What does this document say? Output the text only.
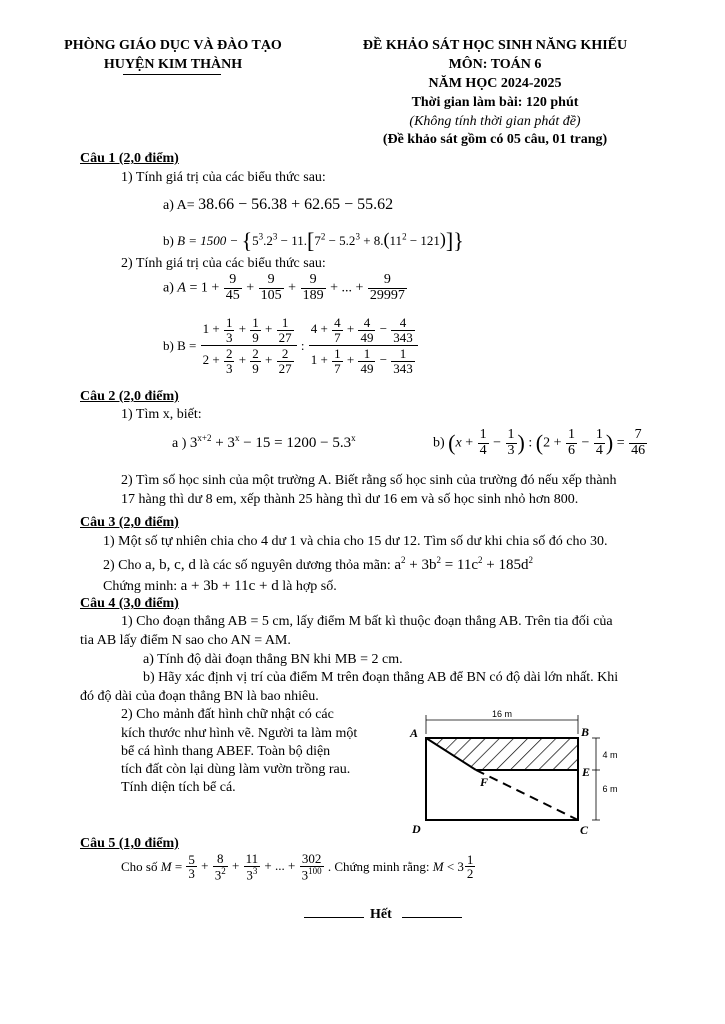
PHÒNG GIÁO DỤC VÀ ĐÀO TẠO
HUYỆN KIM THÀNH
ĐỀ KHẢO SÁT HỌC SINH NĂNG KHIẾU
MÔN: TOÁN 6
NĂM HỌC 2024-2025
Thời gian làm bài: 120 phút
(Không tính thời gian phát đề)
(Đề khảo sát gồm có 05 câu, 01 trang)
Câu 1 (2,0 điểm)
1) Tính giá trị của các biểu thức sau:
a) A= 38.66 − 56.38 + 62.65 − 55.62
b) $B = 1500 - \{5^3.2^3 - 11.[7^2 - 5.2^3 + 8.(11^2 - 121)]\}$
2) Tính giá trị của các biểu thức sau:
a) $A = 1 + \frac{9}{45} + \frac{9}{105} + \frac{9}{189}$ + ... + $\frac{9}{29997}$
b) $B = \frac{1 + \frac{1}{3} + \frac{1}{9} + \frac{1}{27}}{2 + \frac{2}{3} + \frac{2}{9} + \frac{2}{27}}$ : $\frac{4 + \frac{4}{7} + \frac{4}{49} - \frac{4}{343}}{1 + \frac{1}{7} + \frac{1}{49} - \frac{1}{343}}$
Câu 2 (2,0 điểm)
1) Tìm x, biết:
a ) $3^{x+2} + 3^x - 15 = 1200 - 5.3^x$	b) ($x + \frac{1}{4} - \frac{1}{3}$ ) : ($2 + \frac{1}{6} - \frac{1}{4}$ ) = $\frac{7}{46}$
2) Tìm số học sinh của một trường A. Biết rằng số học sinh của trường đó nếu xếp thành
17 hàng thì dư 8 em, xếp thành 25 hàng thì dư 16 em và số học sinh nhỏ hơn 800.
Câu 3 (2,0 điểm)
1) Một số tự nhiên chia cho 4 dư 1 và chia cho 15 dư 12. Tìm số dư khi chia số đó cho 30.
2) Cho a, b, c, d là các số nguyên dương thỏa mãn: $a^2 + 3b^2 = 11c^2 + 185d^2$
Chứng minh: a + 3b + 11c + d là hợp số.
Câu 4 (3,0 điểm)
1) Cho đoạn thẳng AB = 5 cm, lấy điểm M bất kì thuộc đoạn thẳng AB. Trên tia đối của
tia AB lấy điểm N sao cho AN = AM.
a) Tính độ dài đoạn thẳng BN khi MB = 2 cm.
b) Hãy xác định vị trí của điểm M trên đoạn thẳng AB để BN có độ dài lớn nhất. Khi
đó độ dài của đoạn thẳng BN là bao nhiêu.
2) Cho mảnh đất hình chữ nhật có các
kích thước như hình vẽ. Người ta làm một
bể cá hình thang ABEF. Toàn bộ diện
tích đất còn lại dùng làm vườn trồng rau.
Tính diện tích bể cá.
16 m
4 m
6 m
A	B
E
F
D	C
Câu 5 (1,0 điểm)
Cho số $M = \frac{5}{3} + \frac{8}{3^2} + \frac{11}{3^3}$ + ... + $\frac{302}{3^{100}}$ . Chứng minh rằng: $M < 3 \frac{1}{2}$
Hết
